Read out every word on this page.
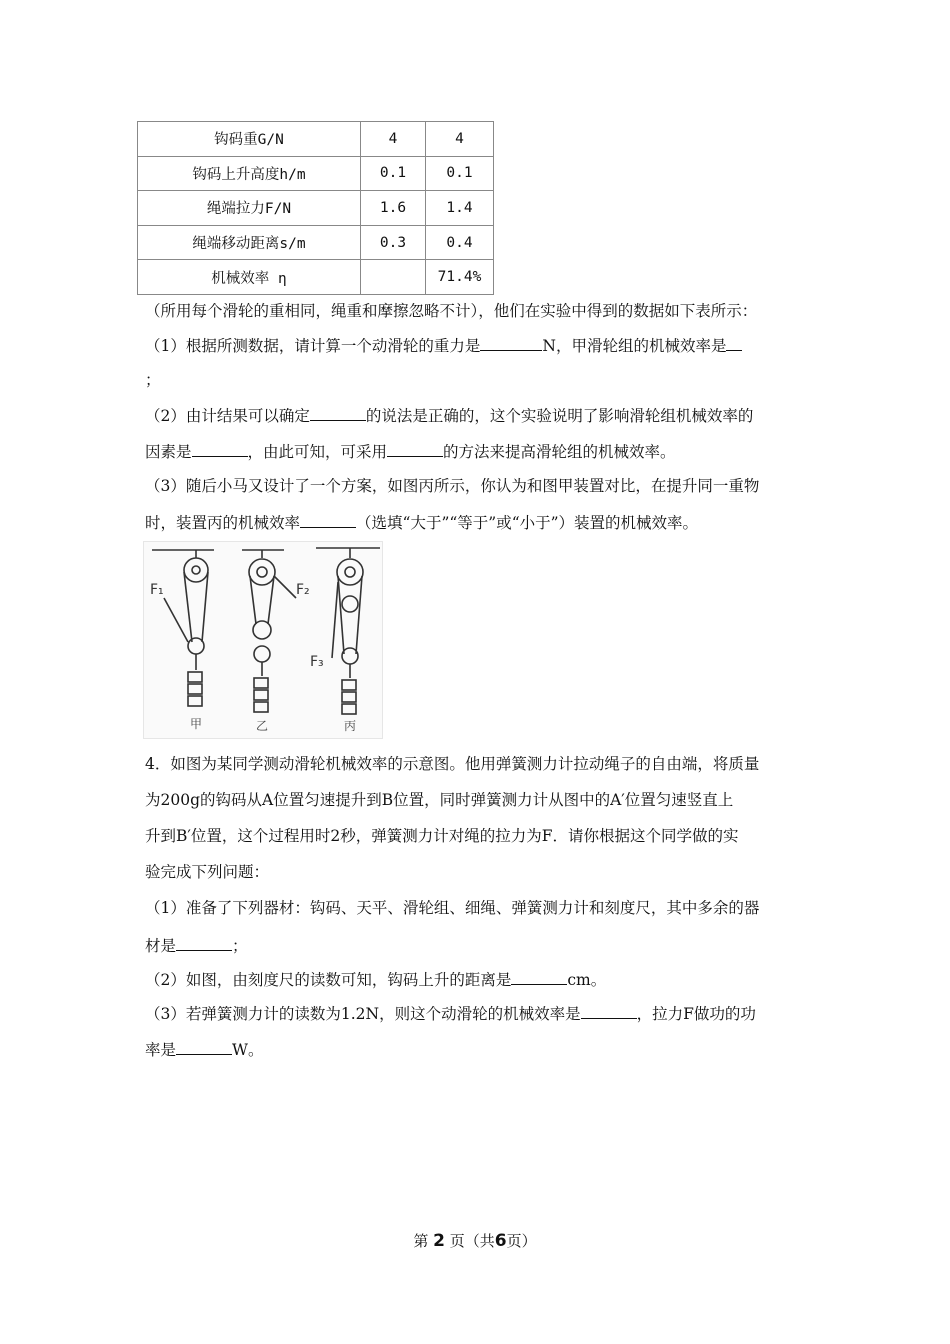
钩码重G/N	4	4
钩码上升高度h/m	0.1	0.1
绳端拉力F/N	1.6	1.4
绳端移动距离s/m	0.3	0.4
机械效率 η		71.4%
（所用每个滑轮的重相同，绳重和摩擦忽略不计），他们在实验中得到的数据如下表所示：
（1）根据所测数据，请计算一个动滑轮的重力是	N，甲滑轮组的机械效率是
；
（2）由计结果可以确定	的说法是正确的，这个实验说明了影响滑轮组机械效率的
因素是	，由此可知，可采用	的方法来提高滑轮组的机械效率。
（3）随后小马又设计了一个方案，如图丙所示，你认为和图甲装置对比，在提升同一重物
时，装置丙的机械效率	（选填“大于”“等于”或“小于”）装置的机械效率。
F₁	F₂
F₃
甲	乙	丙
4．如图为某同学测动滑轮机械效率的示意图。他用弹簧测力计拉动绳子的自由端，将质量
为200g的钩码从A位置匀速提升到B位置，同时弹簧测力计从图中的A′位置匀速竖直上
升到B′位置，这个过程用时2秒，弹簧测力计对绳的拉力为F．请你根据这个同学做的实
验完成下列问题：
（1）准备了下列器材：钩码、天平、滑轮组、细绳、弹簧测力计和刻度尺，其中多余的器
材是	；
（2）如图，由刻度尺的读数可知，钩码上升的距离是	cm。
（3）若弹簧测力计的读数为1.2N，则这个动滑轮的机械效率是	，拉力F做功的功
率是	W。
第 2 页（共6页）
